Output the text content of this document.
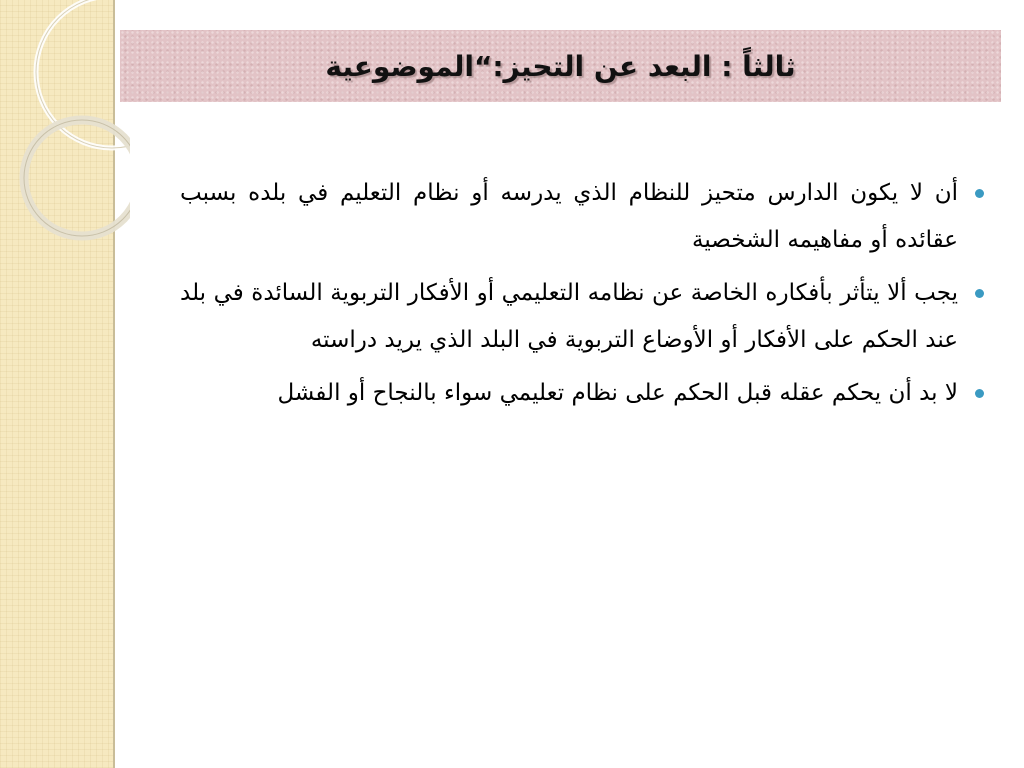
ثالثاً : البعد عن التحيز:“الموضوعية
أن لا يكون الدارس متحيز للنظام الذي يدرسه أو نظام التعليم في بلده بسبب عقائده أو مفاهيمه الشخصية
يجب ألا يتأثر بأفكاره الخاصة عن نظامه التعليمي أو الأفكار التربوية السائدة في بلد عند الحكم على الأفكار أو الأوضاع التربوية في البلد الذي يريد دراسته
لا بد أن يحكم عقله قبل الحكم على نظام تعليمي سواء بالنجاح أو الفشل
